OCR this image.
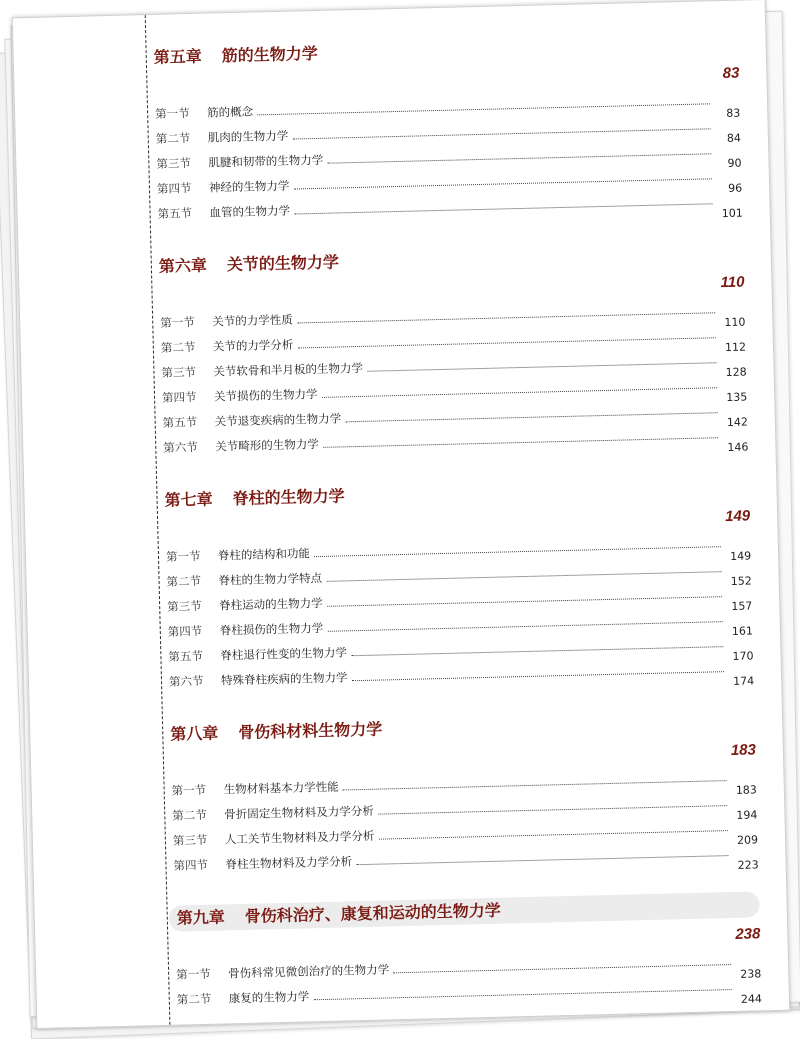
第五章 筋的生物力学
83
第一节	筋的概念	83
第二节	肌肉的生物力学	84
第三节	肌腱和韧带的生物力学	90
第四节	神经的生物力学	96
第五节	血管的生物力学	101
第六章 关节的生物力学
110
第一节	关节的力学性质	110
第二节	关节的力学分析	112
第三节	关节软骨和半月板的生物力学	128
第四节	关节损伤的生物力学	135
第五节	关节退变疾病的生物力学	142
第六节	关节畸形的生物力学	146
第七章 脊柱的生物力学
149
第一节	脊柱的结构和功能	149
第二节	脊柱的生物力学特点	152
第三节	脊柱运动的生物力学	157
第四节	脊柱损伤的生物力学	161
第五节	脊柱退行性变的生物力学	170
第六节	特殊脊柱疾病的生物力学	174
第八章 骨伤科材料生物力学
183
第一节	生物材料基本力学性能	183
第二节	骨折固定生物材料及力学分析	194
第三节	人工关节生物材料及力学分析	209
第四节	脊柱生物材料及力学分析	223
第九章 骨伤科治疗、康复和运动的生物力学
238
第一节	骨伤科常见微创治疗的生物力学	238
第二节	康复的生物力学	244
